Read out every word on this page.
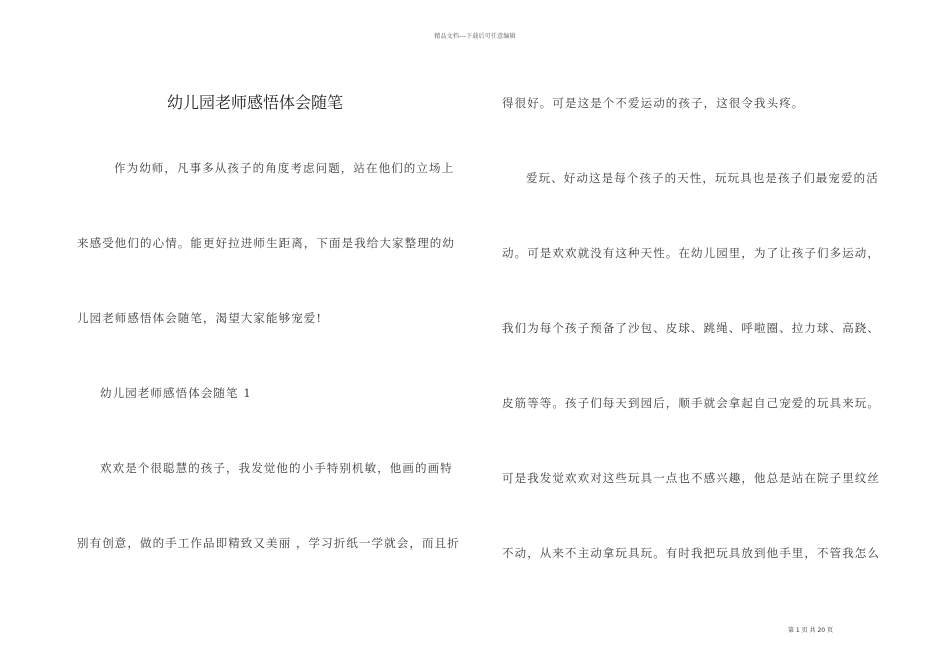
精品文档---下载后可任意编辑
幼儿园老师感悟体会随笔
作为幼师，凡事多从孩子的角度考虑问题，站在他们的立场上
来感受他们的心情。能更好拉进师生距离，下面是我给大家整理的幼
儿园老师感悟体会随笔，渴望大家能够宠爱!
幼儿园老师感悟体会随笔 1
欢欢是个很聪慧的孩子，我发觉他的小手特别机敏，他画的画特
别有创意，做的手工作品即精致又美丽 ，学习折纸一学就会，而且折
得很好。可是这是个不爱运动的孩子，这很令我头疼。
爱玩、好动这是每个孩子的天性，玩玩具也是孩子们最宠爱的活
动。可是欢欢就没有这种天性。在幼儿园里，为了让孩子们多运动，
我们为每个孩子预备了沙包、皮球、跳绳、呼啦圈、拉力球、高跷、
皮筋等等。孩子们每天到园后，顺手就会拿起自己宠爱的玩具来玩。
可是我发觉欢欢对这些玩具一点也不感兴趣，他总是站在院子里纹丝
不动，从来不主动拿玩具玩。有时我把玩具放到他手里，不管我怎么
第 1 页 共 20 页
